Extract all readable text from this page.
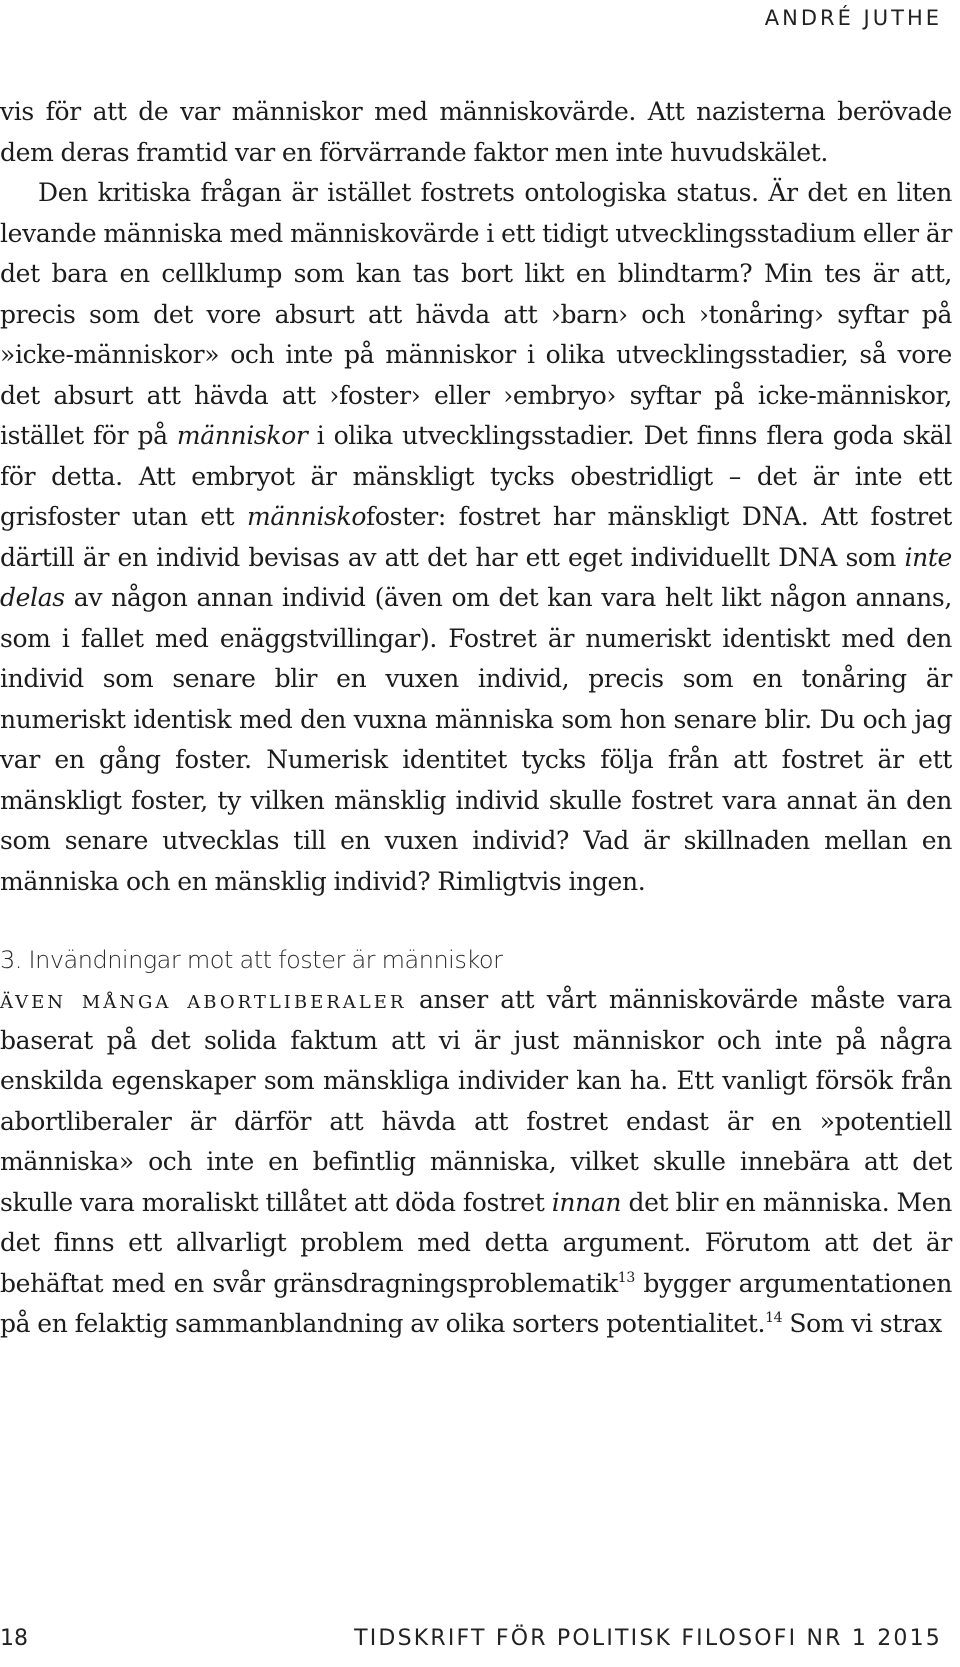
ANDRÉ JUTHE

vis för att de var människor med människovärde. Att nazisterna berövade dem deras framtid var en förvärrande faktor men inte huvudskälet.

Den kritiska frågan är istället fostrets ontologiska status. Är det en liten levande människa med människovärde i ett tidigt utvecklingsstadium eller är det bara en cellklump som kan tas bort likt en blindtarm? Min tes är att, precis som det vore absurt att hävda att ›barn› och ›tonåring› syftar på »icke-människor» och inte på människor i olika utvecklingsstadier, så vore det absurt att hävda att ›foster› eller ›embryo› syftar på icke-människor, istället för på människor i olika utvecklingsstadier. Det finns flera goda skäl för detta. Att embryot är mänskligt tycks obestridligt – det är inte ett grisfoster utan ett människofoster: fostret har mänskligt DNA. Att fostret därtill är en individ bevisas av att det har ett eget individuellt DNA som inte delas av någon annan individ (även om det kan vara helt likt någon annans, som i fallet med enäggstvillingar). Fostret är numeriskt identiskt med den individ som senare blir en vuxen individ, precis som en tonåring är numeriskt identisk med den vuxna människa som hon senare blir. Du och jag var en gång foster. Numerisk identitet tycks följa från att fostret är ett mänskligt foster, ty vilken mänsklig individ skulle fostret vara annat än den som senare utvecklas till en vuxen individ? Vad är skillnaden mellan en människa och en mänsklig individ? Rimligtvis ingen.

3. Invändningar mot att foster är människor

även många abortliberaler anser att vårt människovärde måste vara baserat på det solida faktum att vi är just människor och inte på några enskilda egenskaper som mänskliga individer kan ha. Ett vanligt försök från abortliberaler är därför att hävda att fostret endast är en »potentiell människa» och inte en befintlig människa, vilket skulle innebära att det skulle vara moraliskt tillåtet att döda fostret innan det blir en människa. Men det finns ett allvarligt problem med detta argument. Förutom att det är behäftat med en svår gränsdragningsproblematik$^{13}$ bygger argumentationen på en felaktig sammanblandning av olika sorters potentialitet.$^{14}$ Som vi strax

18	TIDSKRIFT FÖR POLITISK FILOSOFI NR 1 2015
